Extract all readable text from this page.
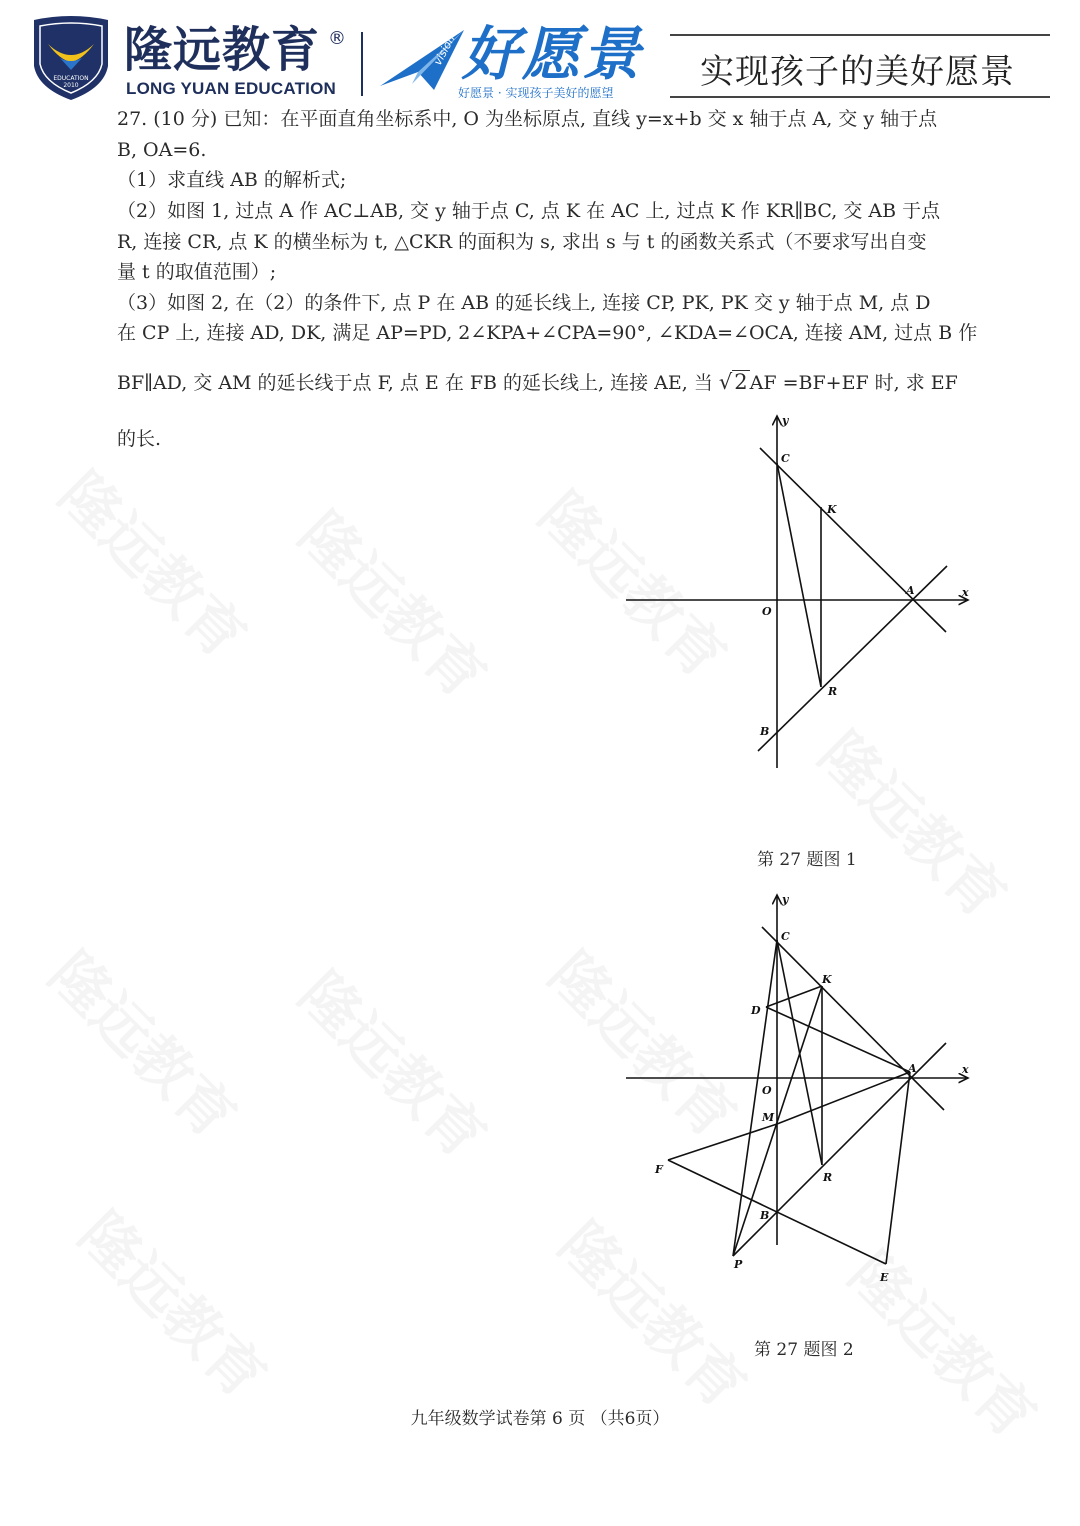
EDUCATION
2010
隆远教育 ®
LONG YUAN EDUCATION
vision 好愿景
好愿景 · 实现孩子美好的愿望
实现孩子的美好愿景
27. (10 分) 已知：在平面直角坐标系中, O 为坐标原点, 直线 y=x+b 交 x 轴于点 A, 交 y 轴于点
B, OA=6.
（1）求直线 AB 的解析式;
（2）如图 1, 过点 A 作 AC⊥AB, 交 y 轴于点 C, 点 K 在 AC 上, 过点 K 作 KR∥BC, 交 AB 于点
R, 连接 CR, 点 K 的横坐标为 t, △CKR 的面积为 s, 求出 s 与 t 的函数关系式（不要求写出自变
量 t 的取值范围）;
（3）如图 2, 在（2）的条件下, 点 P 在 AB 的延长线上, 连接 CP, PK, PK 交 y 轴于点 M, 点 D
在 CP 上, 连接 AD, DK, 满足 AP=PD, 2∠KPA+∠CPA=90°, ∠KDA=∠OCA, 连接 AM, 过点 B 作
BF∥AD, 交 AM 的延长线于点 F, 点 E 在 FB 的延长线上, 连接 AE, 当 √2 AF =BF+EF 时, 求 EF
的长.
y
x
C
K
A
O
R
B
第 27 题图 1
y
x
C
K
D
A
O
M
F
R
B
P
E
第 27 题图 2
九年级数学试卷第 6 页 （共6页）
